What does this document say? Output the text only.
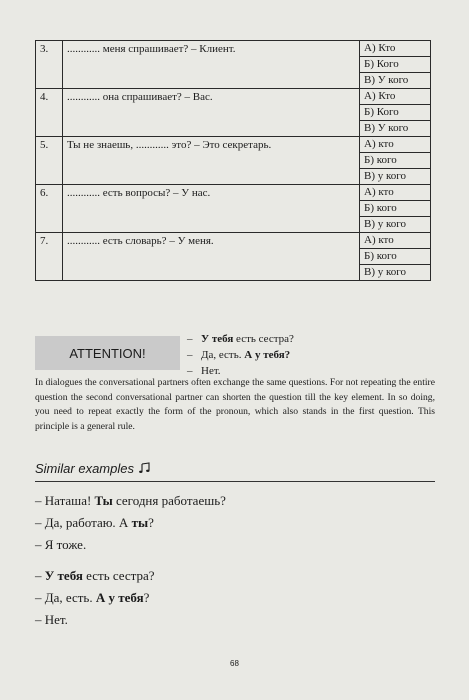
3.	............ меня спрашивает? – Клиент.	А) Кто
		Б) Кого
		В) У кого
4.	............ она спрашивает? – Вас.	А) Кто
		Б) Кого
		В) У кого
5.	Ты не знаешь, ............ это? – Это секретарь.	А) кто
		Б) кого
		В) у кого
6.	............ есть вопросы? – У нас.	А) кто
		Б) кого
		В) у кого
7.	............ есть словарь? – У меня.	А) кто
		Б) кого
		В) у кого
ATTENTION!
– У тебя есть сестра?
– Да, есть. А у тебя?
– Нет.
In dialogues the conversational partners often exchange the same questions. For not repeating the entire question the second conversational partner can shorten the question till the key element. In so doing, you need to repeat exactly the form of the pronoun, which also stands in the first question. This principle is a general rule.
Similar examples
– Наташа! Ты сегодня работаешь?
– Да, работаю. А ты?
– Я тоже.
– У тебя есть сестра?
– Да, есть. А у тебя?
– Нет.
68
